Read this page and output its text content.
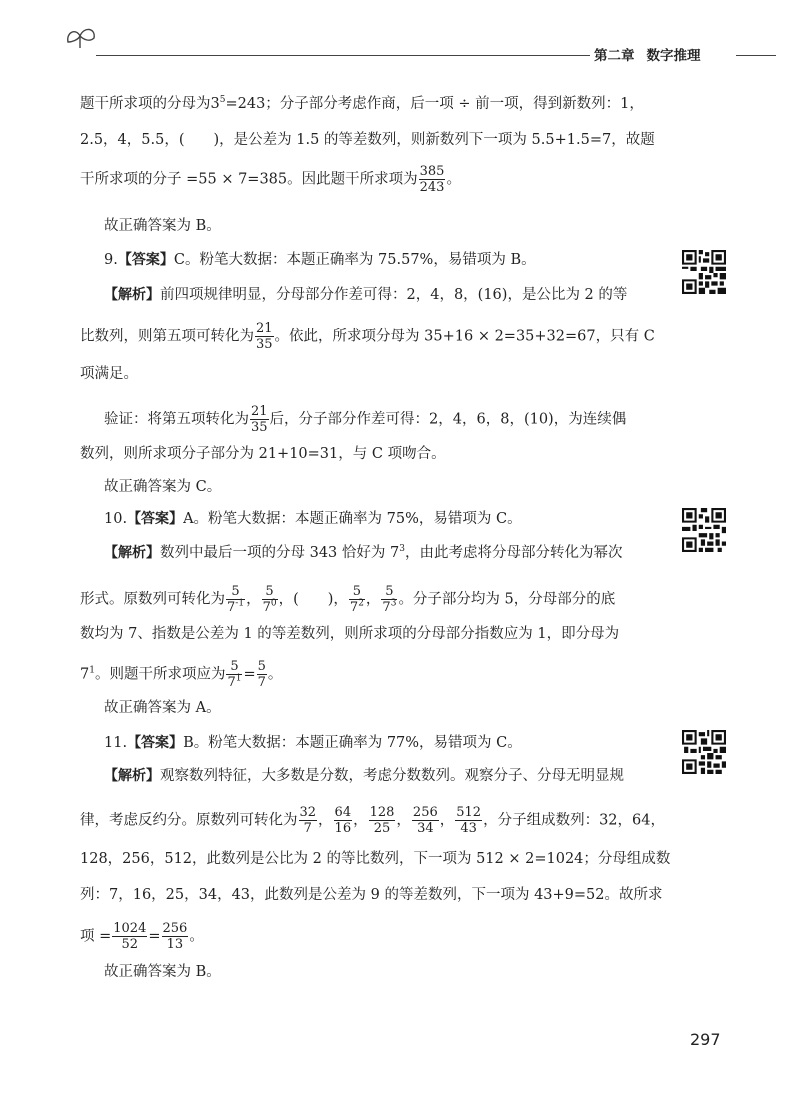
第二章 数字推理
题干所求项的分母为$3^5=243$；分子部分考虑作商，后一项 ÷ 前一项，得到新数列：1，
2.5，4，5.5，(　　)，是公差为 1.5 的等差数列，则新数列下一项为 5.5+1.5=7，故题
干所求项的分子 =55 × 7=385。因此题干所求项为 $\frac{385}{243}$ 。
故正确答案为 B。
9.【答案】C。粉笔大数据：本题正确率为 75.57%，易错项为 B。
【解析】前四项规律明显，分母部分作差可得：2，4，8，(16)，是公比为 2 的等
比数列，则第五项可转化为 $\frac{21}{35}$ 。依此，所求项分母为 35+16 × 2=35+32=67，只有 C
项满足。
验证：将第五项转化为 $\frac{21}{35}$ 后，分子部分作差可得：2，4，6，8，(10)，为连续偶
数列，则所求项分子部分为 21+10=31，与 C 项吻合。
故正确答案为 C。
10.【答案】A。粉笔大数据：本题正确率为 75%，易错项为 C。
【解析】数列中最后一项的分母 343 恰好为 $7^3$，由此考虑将分母部分转化为幂次
形式。原数列可转化为 $\frac{5}{7^{-1}}$ ， $\frac{5}{7^0}$ ，(　　)， $\frac{5}{7^2}$ ， $\frac{5}{7^3}$ 。分子部分均为 5，分母部分的底
数均为 7、指数是公差为 1 的等差数列，则所求项的分母部分指数应为 1，即分母为
$7^1$。则题干所求项应为 $\frac{5}{7^1} = \frac{5}{7}$ 。
故正确答案为 A。
11.【答案】B。粉笔大数据：本题正确率为 77%，易错项为 C。
【解析】观察数列特征，大多数是分数，考虑分数数列。观察分子、分母无明显规
律，考虑反约分。原数列可转化为 $\frac{32}{7}$ ， $\frac{64}{16}$ ， $\frac{128}{25}$ ， $\frac{256}{34}$ ， $\frac{512}{43}$ ，分子组成数列：32，64，
128，256，512，此数列是公比为 2 的等比数列，下一项为 512 × 2=1024；分母组成数
列：7，16，25，34，43，此数列是公差为 9 的等差数列，下一项为 43+9=52。故所求
项 = $\frac{1024}{52} = \frac{256}{13}$ 。
故正确答案为 B。
297
